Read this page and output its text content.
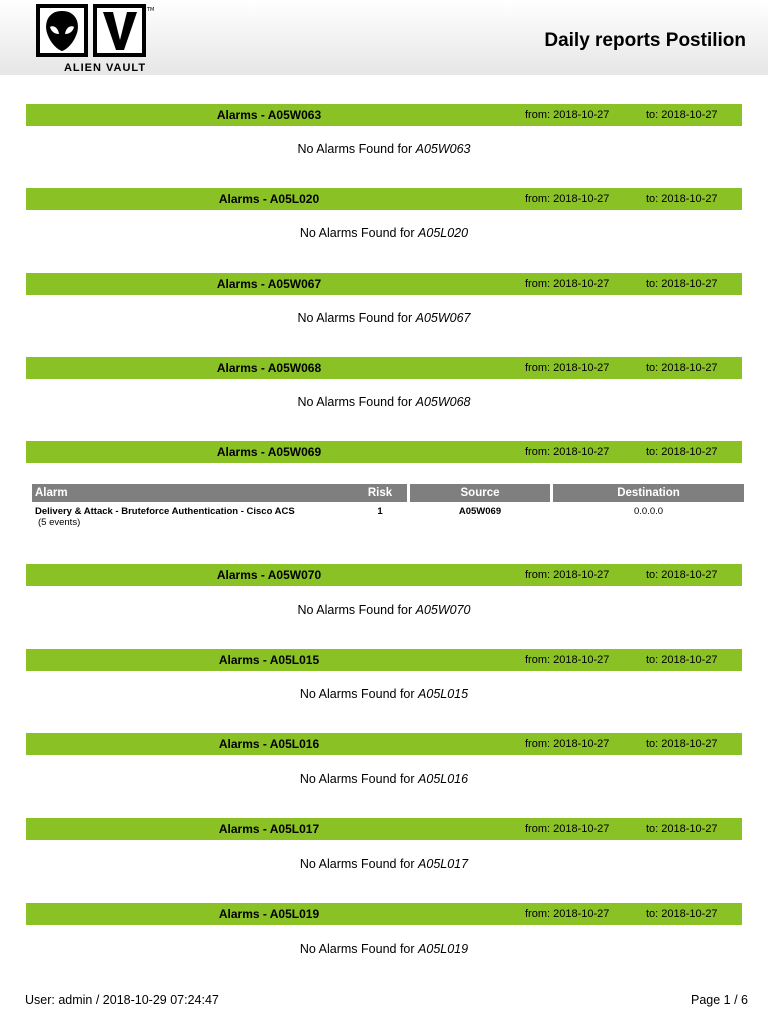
TM
ALIEN VAULT
Daily reports Postilion
Alarms - A05W063	from: 2018-10-27	to: 2018-10-27
No Alarms Found for A05W063
Alarms - A05L020	from: 2018-10-27	to: 2018-10-27
No Alarms Found for A05L020
Alarms - A05W067	from: 2018-10-27	to: 2018-10-27
No Alarms Found for A05W067
Alarms - A05W068	from: 2018-10-27	to: 2018-10-27
No Alarms Found for A05W068
Alarms - A05W069	from: 2018-10-27	to: 2018-10-27
Alarm	Risk	Source	Destination
Delivery & Attack - Bruteforce Authentication - Cisco ACS
(5 events)
1	A05W069	0.0.0.0
Alarms - A05W070	from: 2018-10-27	to: 2018-10-27
No Alarms Found for A05W070
Alarms - A05L015	from: 2018-10-27	to: 2018-10-27
No Alarms Found for A05L015
Alarms - A05L016	from: 2018-10-27	to: 2018-10-27
No Alarms Found for A05L016
Alarms - A05L017	from: 2018-10-27	to: 2018-10-27
No Alarms Found for A05L017
Alarms - A05L019	from: 2018-10-27	to: 2018-10-27
No Alarms Found for A05L019
User: admin / 2018-10-29 07:24:47	Page 1 / 6
